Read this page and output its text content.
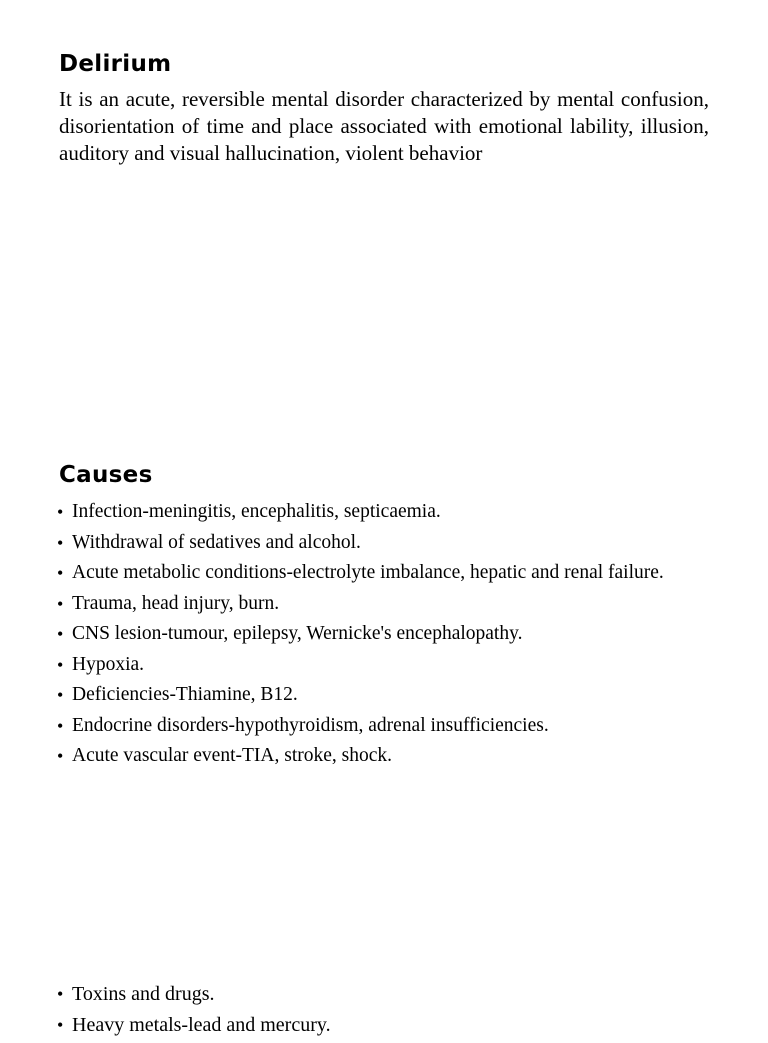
Delirium

It is an acute, reversible mental disorder characterized by mental confusion, disorientation of time and place associated with emotional lability, illusion, auditory and visual hallucination, violent behavior

Causes
• Infection-meningitis, encephalitis, septicaemia.
• Withdrawal of sedatives and alcohol.
• Acute metabolic conditions-electrolyte imbalance, hepatic and renal failure.
• Trauma, head injury, burn.
• CNS lesion-tumour, epilepsy, Wernicke's encephalopathy.
• Hypoxia.
• Deficiencies-Thiamine, B12.
• Endocrine disorders-hypothyroidism, adrenal insufficiencies.
• Acute vascular event-TIA, stroke, shock.
• Toxins and drugs.
• Heavy metals-lead and mercury.
